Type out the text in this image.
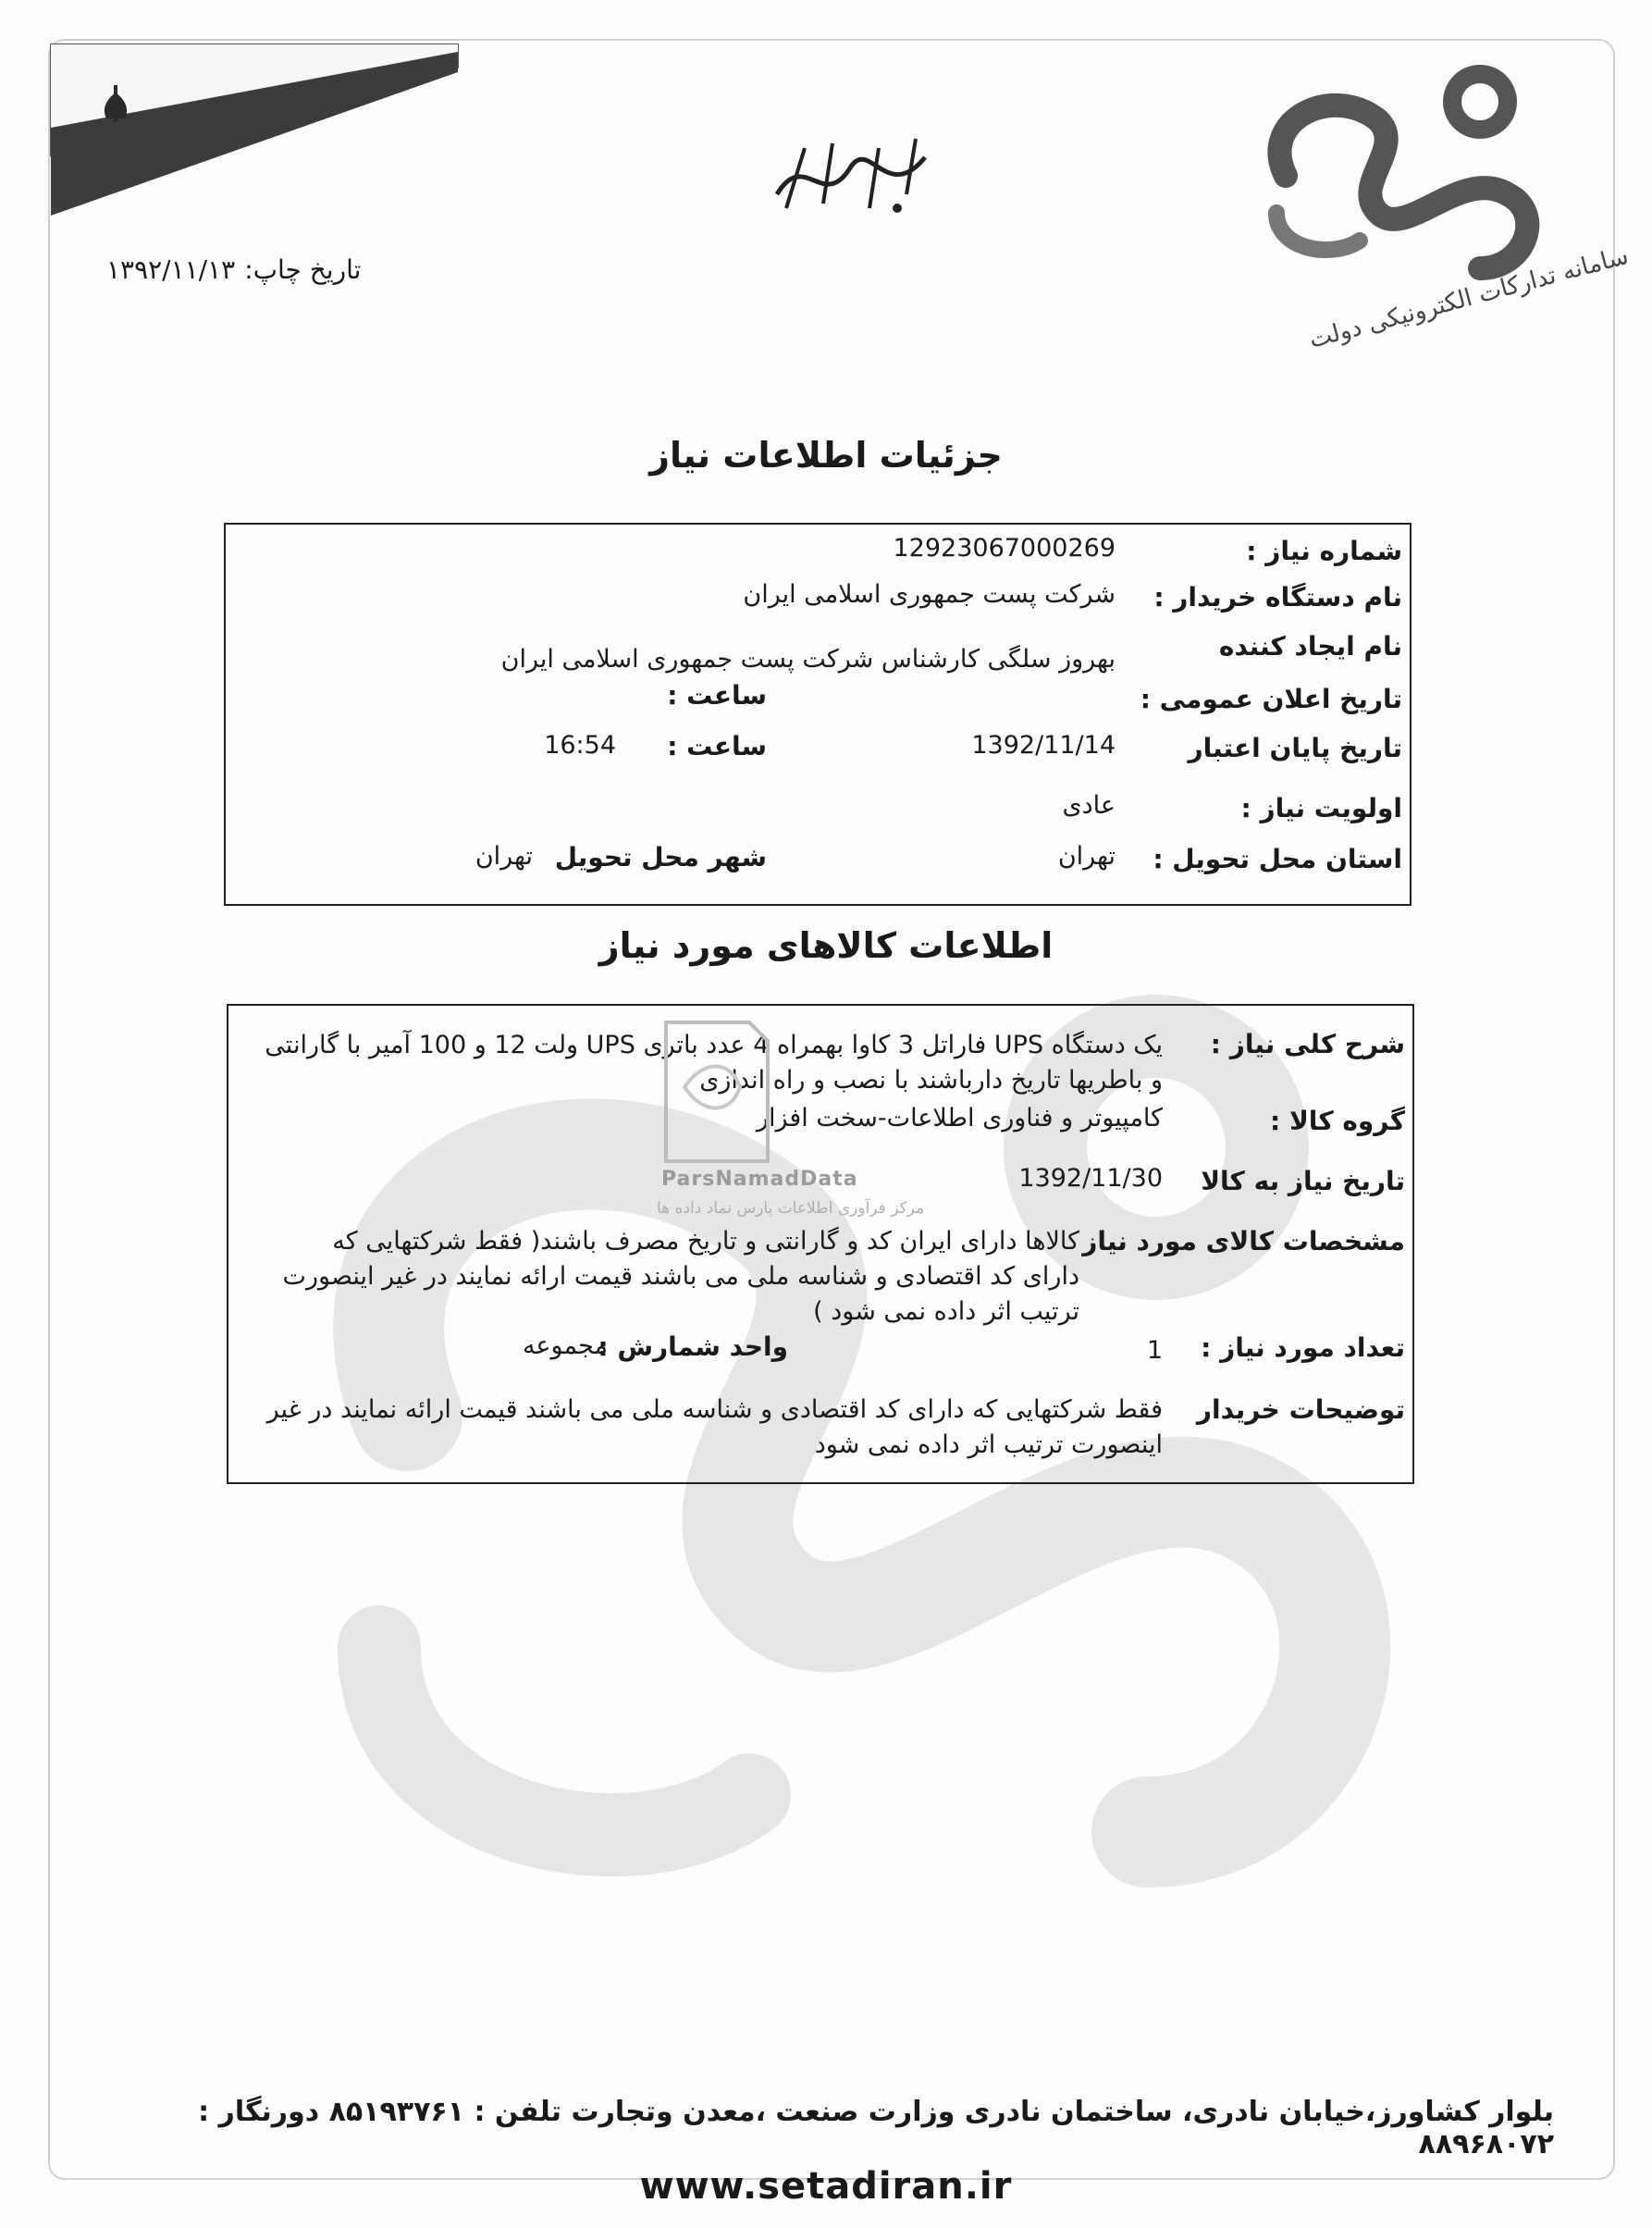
سامانه تدارکات الکترونیکی دولت
تاریخ چاپ:
۱۳۹۲/۱۱/۱۳
جزئیات اطلاعات نیاز
شماره نیاز :
12923067000269
نام دستگاه خریدار :
شرکت پست جمهوری اسلامی ایران
نام ایجاد کننده
بهروز سلگی کارشناس شرکت پست جمهوری اسلامی ایران
تاریخ اعلان عمومی :
ساعت :
تاریخ پایان اعتبار
1392/11/14
ساعت :
16:54
اولویت نیاز :
عادی
استان محل تحویل :
تهران
شهر محل تحویل
تهران
اطلاعات کالاهای مورد نیاز
شرح کلی نیاز :
یک دستگاه UPS فاراتل 3 کاوا بهمراه 4 عدد باتری UPS ولت 12 و 100 آمیر با گارانتی و باطریها تاریخ دارباشند با نصب و راه اندازی
گروه کالا :
کامپیوتر و فناوری اطلاعات-سخت افزار
تاریخ نیاز به کالا
1392/11/30
مشخصات کالای مورد نیاز
کالاها دارای ایران کد و گارانتی و تاریخ مصرف باشند( فقط شرکتهایی که دارای کد اقتصادی و شناسه ملی می باشند قیمت ارائه نمایند در غیر اینصورت ترتیب اثر داده نمی شود )
تعداد مورد نیاز :
1
واحد شمارش :
مجموعه
توضیحات خریدار
فقط شرکتهایی که دارای کد اقتصادی و شناسه ملی می باشند قیمت ارائه نمایند در غیر اینصورت ترتیب اثر داده نمی شود
ParsNamadData
مرکز فرآوری اطلاعات پارس نماد داده ها
بلوار کشاورز،خیابان نادری، ساختمان نادری وزارت صنعت ،معدن وتجارت تلفن : ۸۵۱۹۳۷۶۱ دورنگار : ۸۸۹۶۸۰۷۲
www.setadiran.ir
